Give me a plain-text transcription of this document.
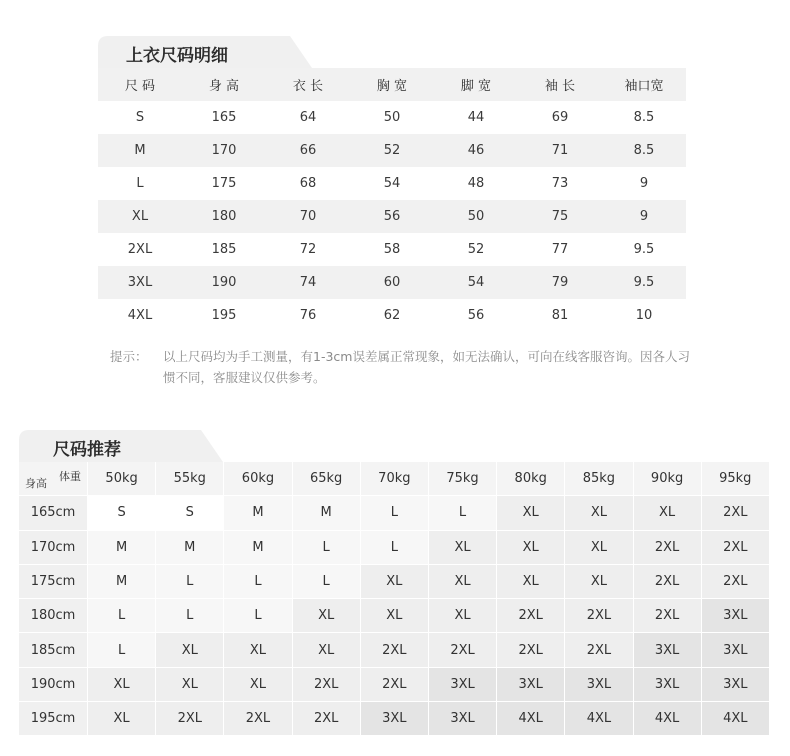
上衣尺码明细
尺 码	身 高	衣 长	胸 宽	脚 宽	袖 长	袖口宽
S	165	64	50	44	69	8.5
M	170	66	52	46	71	8.5
L	175	68	54	48	73	9
XL	180	70	56	50	75	9
2XL	185	72	58	52	77	9.5
3XL	190	74	60	54	79	9.5
4XL	195	76	62	56	81	10
提示： 以上尺码均为手工测量，有1-3cm误差属正常现象，如无法确认，可向在线客服咨询。因各人习惯不同，客服建议仅供参考。
尺码推荐
体重
身高	50kg	55kg	60kg	65kg	70kg	75kg	80kg	85kg	90kg	95kg
165cm	S	S	M	M	L	L	XL	XL	XL	2XL
170cm	M	M	M	L	L	XL	XL	XL	2XL	2XL
175cm	M	L	L	L	XL	XL	XL	XL	2XL	2XL
180cm	L	L	L	XL	XL	XL	2XL	2XL	2XL	3XL
185cm	L	XL	XL	XL	2XL	2XL	2XL	2XL	3XL	3XL
190cm	XL	XL	XL	2XL	2XL	3XL	3XL	3XL	3XL	3XL
195cm	XL	2XL	2XL	2XL	3XL	3XL	4XL	4XL	4XL	4XL
